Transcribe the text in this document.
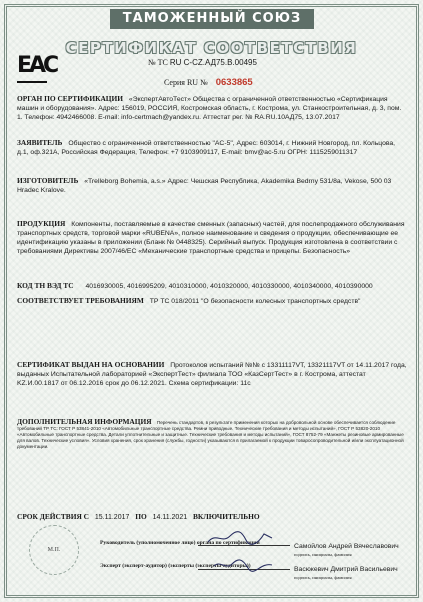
ТАМОЖЕННЫЙ СОЮЗ
СЕРТИФИКАТ СООТВЕТСТВИЯ
ЕАС	№ ТС RU C-CZ.АД75.В.00495
Серия RU № 0633865
ОРГАН ПО СЕРТИФИКАЦИИ «ЭкспертАвтоТест» Общества с ограниченной ответственностью «Сертификация машин и оборудования». Адрес: 156019, РОССИЯ, Костромская область, г. Кострома, ул. Станкостроительная, д. 3, пом. 1. Телефон: 4942466008. E-mail: info-certmach@yandex.ru. Аттестат рег. № RA.RU.10АД75, 13.07.2017
ЗАЯВИТЕЛЬ Общество с ограниченной ответственностью "AC-5", Адрес: 603014, г. Нижний Новгород, пл. Кольцова, д.1, оф.321А, Российская Федерация, Телефон: +7 9103909117, E-mail: bmv@ac-5.ru ОГРН: 1115259011317
ИЗГОТОВИТЕЛЬ «Trelleborg Bohemia, a.s.» Адрес: Чешская Республика, Akademika Bedrny 531/8a, Vekose, 500 03 Hradec Kralove.
ПРОДУКЦИЯ Компоненты, поставляемые в качестве сменных (запасных) частей, для послепродажного обслуживания транспортных средств, торговой марки «RUBENA», полное наименование и сведения о продукции, обеспечивающие ее идентификацию указаны в приложении (Бланк № 0448325). Серийный выпуск. Продукция изготовлена в соответствии с требованиями Директивы 2007/46/ЕС «Механические транспортные средства и прицепы. Безопасность»
КОД ТН ВЭД ТС 4016930005, 4016995209, 4010310000, 4010320000, 4010330000, 4010340000, 4010390000
СООТВЕТСТВУЕТ ТРЕБОВАНИЯМ ТР ТС 018/2011 "О безопасности колесных транспортных средств"
СЕРТИФИКАТ ВЫДАН НА ОСНОВАНИИ Протоколов испытаний №№ с 13311117VT, 13321117VT от 14.11.2017 года, выданных Испытательной лабораторией «ЭкспертТест» филиала ТОО «КазСертТест» в г. Кострома, аттестат KZ.И.00.1817 от 06.12.2016 срок до 06.12.2021. Схема сертификации: 11с
ДОПОЛНИТЕЛЬНАЯ ИНФОРМАЦИЯ Перечень стандартов, в результате применения которых на добровольной основе обеспечивается соблюдение требований ТР ТС: ГОСТ Р 53841-2010 «Автомобильные транспортные средства. Ремни приводные. Технические требования и методы испытаний», ГОСТ Р 53820-2010 «Автомобильные транспортные средства. Детали уплотнительные и защитные. Технические требования и методы испытаний», ГОСТ 8752-79 «Манжеты резиновые армированные для валов. Технические условия». Условия хранения, срок хранения (службы, годности) указываются в прилагаемой к продукции товаросопроводительной и/или эксплуатационной документации.
СРОК ДЕЙСТВИЯ С 15.11.2017 ПО 14.11.2021 ВКЛЮЧИТЕЛЬНО
М.П.
Руководитель (уполномоченное лицо) органа по сертификации	Самойлов Андрей Вячеславович
подпись, инициалы, фамилия
Эксперт (эксперт-аудитор) (эксперты (эксперты-аудиторы))	Васюкевич Дмитрий Васильевич
подпись, инициалы, фамилия
